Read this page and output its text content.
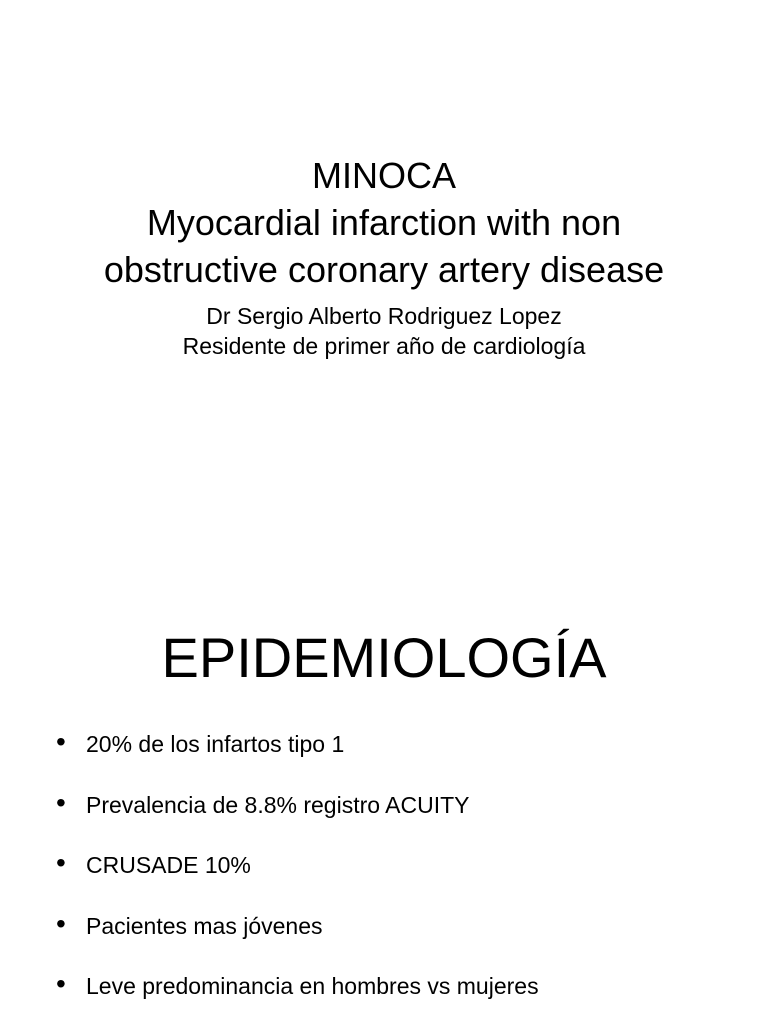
MINOCA
Myocardial infarction with non
obstructive coronary artery disease
Dr Sergio Alberto Rodriguez Lopez
Residente de primer año de cardiología
EPIDEMIOLOGÍA
• 20% de los infartos tipo 1
• Prevalencia de 8.8% registro ACUITY
• CRUSADE 10%
• Pacientes mas jóvenes
• Leve predominancia en hombres vs mujeres
